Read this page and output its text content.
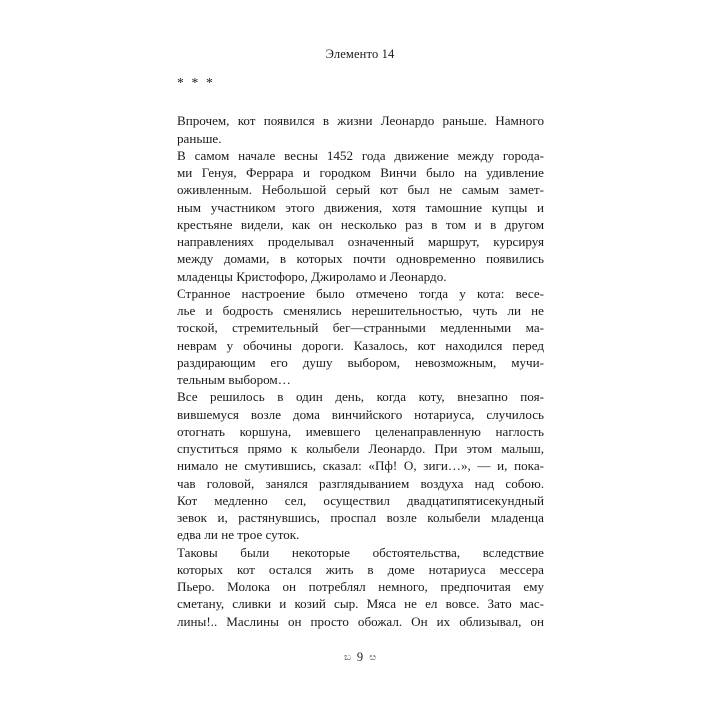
Элементо 14
* * *
Впрочем, кот появился в жизни Леонардо раньше. Намного
раньше.
В самом начале весны 1452 года движение между города-
ми Генуя, Феррара и городком Винчи было на удивление
оживленным. Небольшой серый кот был не самым замет-
ным участником этого движения, хотя тамошние купцы и
крестьяне видели, как он несколько раз в том и в другом
направлениях проделывал означенный маршрут, курсируя
между домами, в которых почти одновременно появились
младенцы Кристофоро, Джироламо и Леонардо.
Странное настроение было отмечено тогда у кота: весе-
лье и бодрость сменялись нерешительностью, чуть ли не
тоской, стремительный бег—странными медленными ма-
неврам у обочины дороги. Казалось, кот находился перед
раздирающим его душу выбором, невозможным, мучи-
тельным выбором…
Все решилось в один день, когда коту, внезапно поя-
вившемуся возле дома винчийского нотариуса, случилось
отогнать коршуна, имевшего целенаправленную наглость
спуститься прямо к колыбели Леонардо. При этом малыш,
нимало не смутившись, сказал: «Пф! О, зиги…», — и, пока-
чав головой, занялся разглядыванием воздуха над собою.
Кот медленно сел, осуществил двадцатипятисекундный
зевок и, растянувшись, проспал возле колыбели младенца
едва ли не трое суток.
Таковы были некоторые обстоятельства, вследствие
которых кот остался жить в доме нотариуса мессера
Пьеро. Молока он потреблял немного, предпочитая ему
сметану, сливки и козий сыр. Мяса не ел вовсе. Зато мас-
лины!.. Маслины он просто обожал. Он их облизывал, он
ಬ 9 ೞ
